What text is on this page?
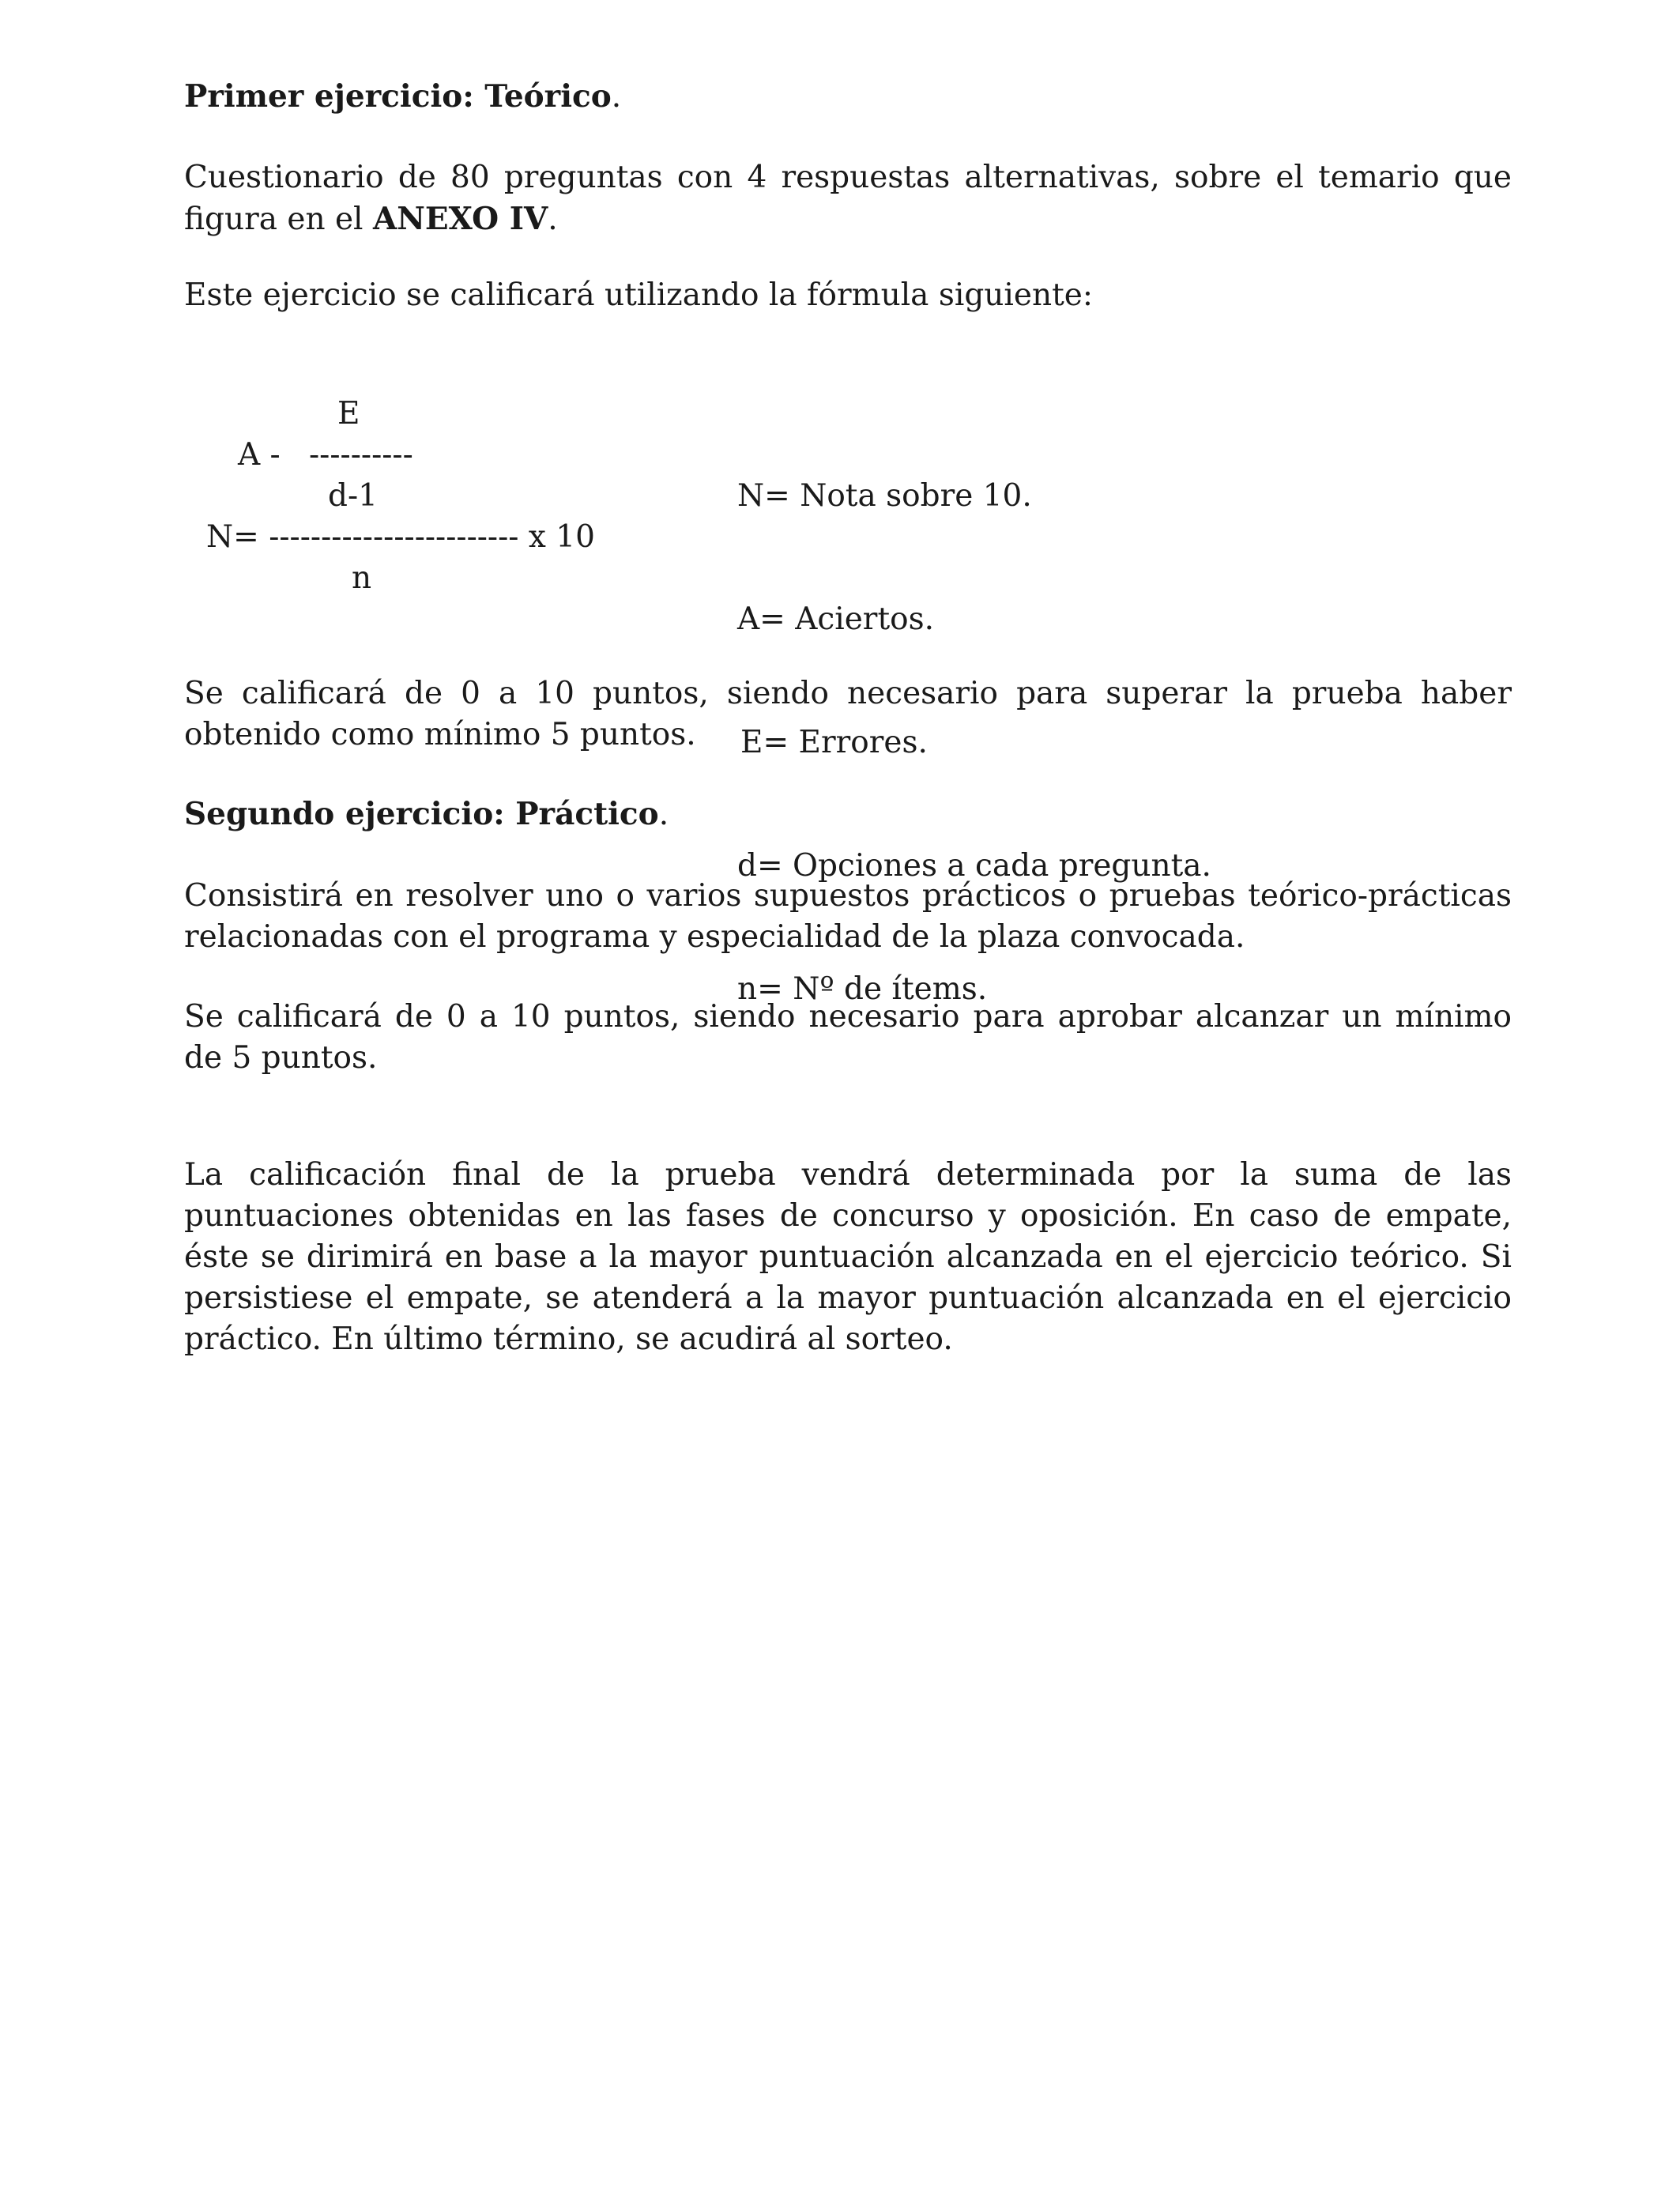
Primer ejercicio: Teórico.

Cuestionario de 80 preguntas con 4 respuestas alternativas, sobre el temario que figura en el ANEXO IV.

Este ejercicio se calificará utilizando la fórmula siguiente:

E
A - ----------
d-1
N= ------------------------ x 10
n

N= Nota sobre 10.

A= Aciertos.

E= Errores.

d= Opciones a cada pregunta.

n= Nº de ítems.

Se calificará de 0 a 10 puntos, siendo necesario para superar la prueba haber obtenido como mínimo 5 puntos.

Segundo ejercicio: Práctico.

Consistirá en resolver uno o varios supuestos prácticos o pruebas teórico-prácticas relacionadas con el programa y especialidad de la plaza convocada.

Se calificará de 0 a 10 puntos, siendo necesario para aprobar alcanzar un mínimo de 5 puntos.

La calificación final de la prueba vendrá determinada por la suma de las puntuaciones obtenidas en las fases de concurso y oposición. En caso de empate, éste se dirimirá en base a la mayor puntuación alcanzada en el ejercicio teórico. Si persistiese el empate, se atenderá a la mayor puntuación alcanzada en el ejercicio práctico. En último término, se acudirá al sorteo.
